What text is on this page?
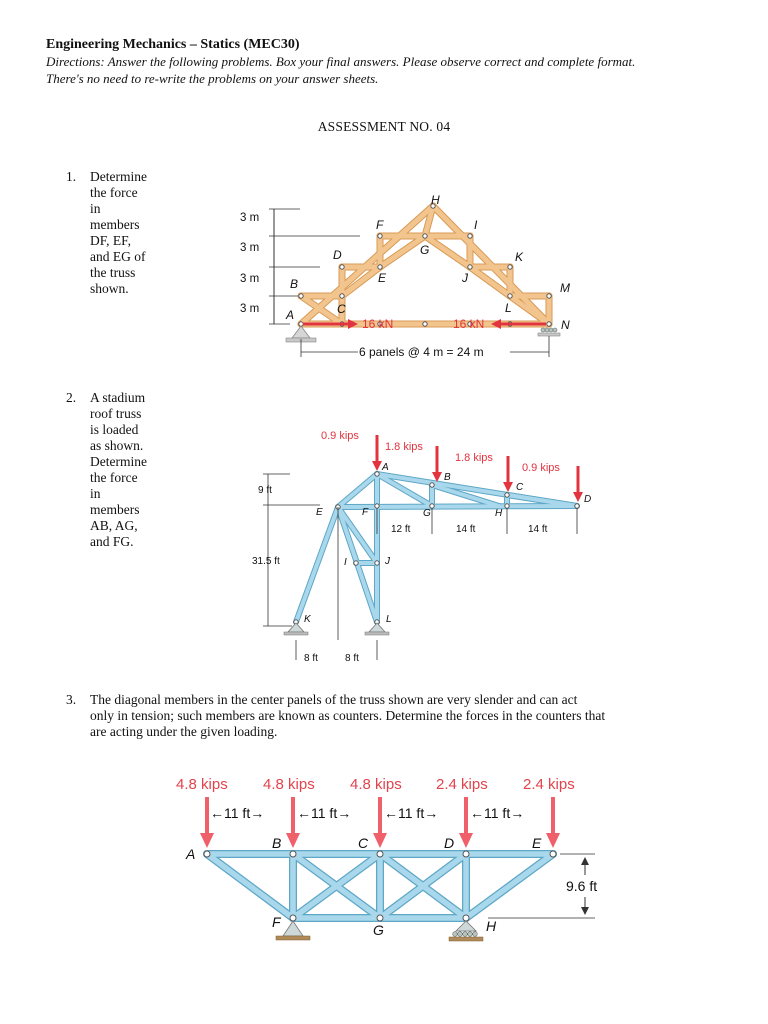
Engineering Mechanics – Statics (MEC30)
Directions: Answer the following problems. Box your final answers. Please observe correct and complete format.
There's no need to re-write the problems on your answer sheets.
ASSESSMENT NO. 04
1. Determine the force in members DF, EF, and EG of the truss shown.
3 m
3 m
3 m
3 m
H
F	I
D	G	K
B	E	J
M
C	L
A
N
16 kN	16 kN
6 panels @ 4 m = 24 m
2. A stadium roof truss is loaded as shown. Determine the force in members AB, AG, and FG.
0.9 kips
1.8 kips
1.8 kips
0.9 kips
A
B
C
D
E	F	G	H
I	J
K	L
9 ft
31.5 ft
12 ft	14 ft	14 ft
8 ft	8 ft
3. The diagonal members in the center panels of the truss shown are very slender and can act
only in tension; such members are known as counters. Determine the forces in the counters that
are acting under the given loading.
4.8 kips 4.8 kips 4.8 kips 2.4 kips 2.4 kips
←11 ft→ ←11 ft→ ←11 ft→ ←11 ft→
9.6 ft
A
B	C	D	E
F	G	H
